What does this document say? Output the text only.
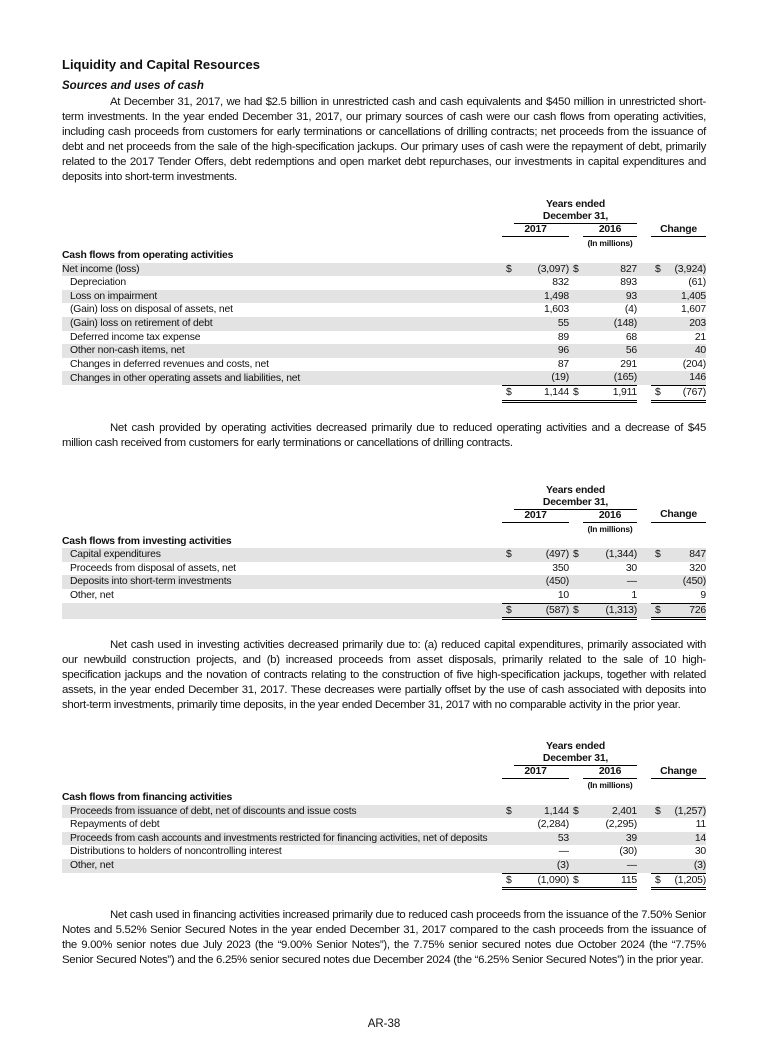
Liquidity and Capital Resources
Sources and uses of cash

At December 31, 2017, we had $2.5 billion in unrestricted cash and cash equivalents and $450 million in unrestricted short-term investments. In the year ended December 31, 2017, our primary sources of cash were our cash flows from operating activities, including cash proceeds from customers for early terminations or cancellations of drilling contracts; net proceeds from the issuance of debt and net proceeds from the sale of the high-specification jackups. Our primary uses of cash were the repayment of debt, primarily related to the 2017 Tender Offers, debt redemptions and open market debt repurchases, our investments in capital expenditures and deposits into short-term investments.

		Years ended					
		December 31,					
	2017			2016		Change	
				(In millions)			
Cash flows from operating activities							
Net income (loss)	$	(3,097)	$	827		$	(3,924)
Depreciation		832		893			(61)
Loss on impairment		1,498		93			1,405
(Gain) loss on disposal of assets, net		1,603		(4)			1,607
(Gain) loss on retirement of debt		55		(148)			203
Deferred income tax expense		89		68			21
Other non-cash items, net		96		56			40
Changes in deferred revenues and costs, net		87		291			(204)
Changes in other operating assets and liabilities, net		(19)		(165)			146
	$	1,144	$	1,911		$	(767)

Net cash provided by operating activities decreased primarily due to reduced operating activities and a decrease of $45 million cash received from customers for early terminations or cancellations of drilling contracts.

		Years ended					
		December 31,					
	2017			2016		Change	
				(In millions)			
Cash flows from investing activities							
Capital expenditures	$	(497)	$	(1,344)		$	847
Proceeds from disposal of assets, net		350		30			320
Deposits into short-term investments		(450)		—			(450)
Other, net		10		1			9
	$	(587)	$	(1,313)		$	726

Net cash used in investing activities decreased primarily due to: (a) reduced capital expenditures, primarily associated with our newbuild construction projects, and (b) increased proceeds from asset disposals, primarily related to the sale of 10 high-specification jackups and the novation of contracts relating to the construction of five high-specification jackups, together with related assets, in the year ended December 31, 2017. These decreases were partially offset by the use of cash associated with deposits into short-term investments, primarily time deposits, in the year ended December 31, 2017 with no comparable activity in the prior year.

		Years ended					
		December 31,					
	2017			2016		Change	
				(In millions)			
Cash flows from financing activities							
Proceeds from issuance of debt, net of discounts and issue costs	$	1,144	$	2,401		$	(1,257)
Repayments of debt		(2,284)		(2,295)			11
Proceeds from cash accounts and investments restricted for financing activities, net of deposits		53		39			14
Distributions to holders of noncontrolling interest		—		(30)			30
Other, net		(3)		—			(3)
	$	(1,090)	$	115		$	(1,205)

Net cash used in financing activities increased primarily due to reduced cash proceeds from the issuance of the 7.50% Senior Notes and 5.52% Senior Secured Notes in the year ended December 31, 2017 compared to the cash proceeds from the issuance of the 9.00% senior notes due July 2023 (the “9.00% Senior Notes”), the 7.75% senior secured notes due October 2024 (the “7.75% Senior Secured Notes”) and the 6.25% senior secured notes due December 2024 (the “6.25% Senior Secured Notes”) in the prior year.

AR-38
